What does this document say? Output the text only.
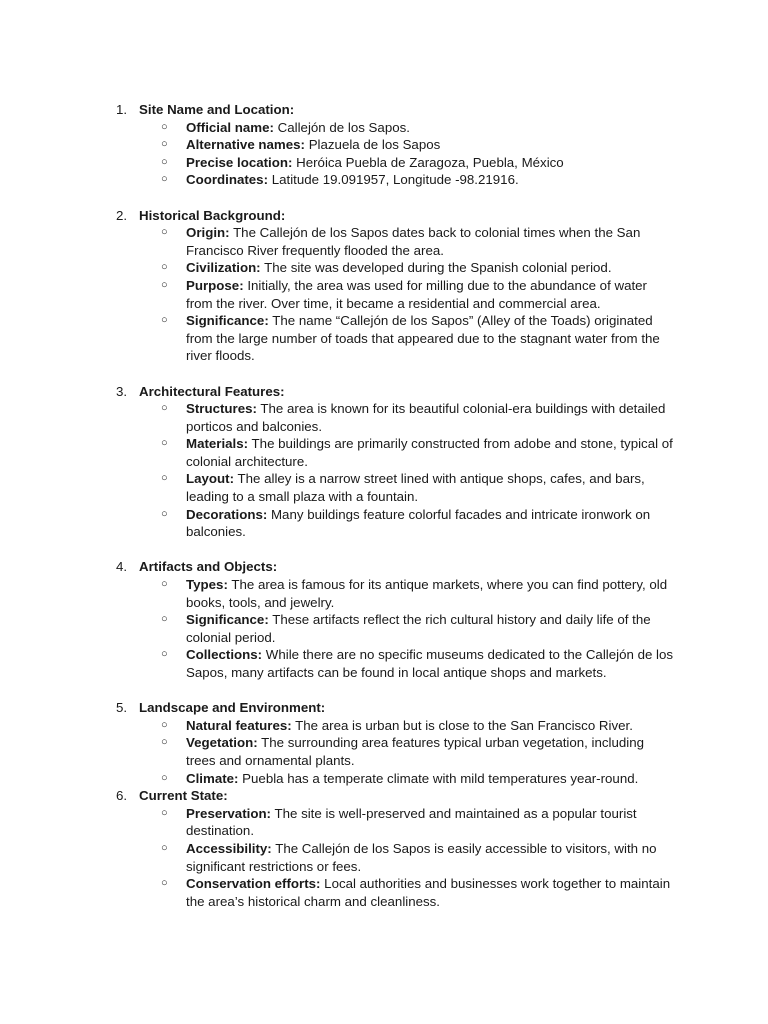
1. Site Name and Location:
○ Official name: Callejón de los Sapos.
○ Alternative names: Plazuela de los Sapos
○ Precise location: Heróica Puebla de Zaragoza, Puebla, México
○ Coordinates: Latitude 19.091957, Longitude -98.21916.
2. Historical Background:
○ Origin: The Callejón de los Sapos dates back to colonial times when the San Francisco River frequently flooded the area.
○ Civilization: The site was developed during the Spanish colonial period.
○ Purpose: Initially, the area was used for milling due to the abundance of water from the river. Over time, it became a residential and commercial area.
○ Significance: The name “Callejón de los Sapos” (Alley of the Toads) originated from the large number of toads that appeared due to the stagnant water from the river floods.
3. Architectural Features:
○ Structures: The area is known for its beautiful colonial-era buildings with detailed porticos and balconies.
○ Materials: The buildings are primarily constructed from adobe and stone, typical of colonial architecture.
○ Layout: The alley is a narrow street lined with antique shops, cafes, and bars, leading to a small plaza with a fountain.
○ Decorations: Many buildings feature colorful facades and intricate ironwork on balconies.
4. Artifacts and Objects:
○ Types: The area is famous for its antique markets, where you can find pottery, old books, tools, and jewelry.
○ Significance: These artifacts reflect the rich cultural history and daily life of the colonial period.
○ Collections: While there are no specific museums dedicated to the Callejón de los Sapos, many artifacts can be found in local antique shops and markets.
5. Landscape and Environment:
○ Natural features: The area is urban but is close to the San Francisco River.
○ Vegetation: The surrounding area features typical urban vegetation, including trees and ornamental plants.
○ Climate: Puebla has a temperate climate with mild temperatures year-round.
6. Current State:
○ Preservation: The site is well-preserved and maintained as a popular tourist destination.
○ Accessibility: The Callejón de los Sapos is easily accessible to visitors, with no significant restrictions or fees.
○ Conservation efforts: Local authorities and businesses work together to maintain the area’s historical charm and cleanliness.
